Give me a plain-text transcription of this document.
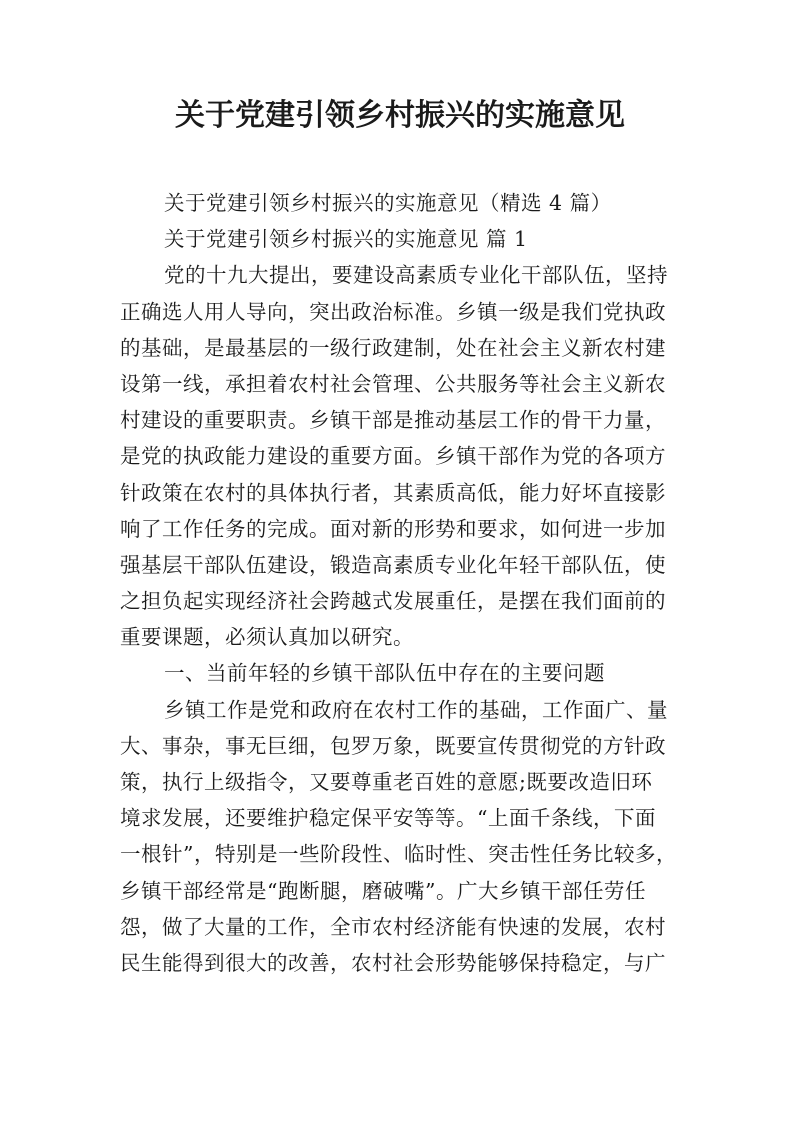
关于党建引领乡村振兴的实施意见
关于党建引领乡村振兴的实施意见（精选 4 篇）
关于党建引领乡村振兴的实施意见 篇 1
党的十九大提出，要建设高素质专业化干部队伍，坚持
正确选人用人导向，突出政治标准。乡镇一级是我们党执政
的基础，是最基层的一级行政建制，处在社会主义新农村建
设第一线，承担着农村社会管理、公共服务等社会主义新农
村建设的重要职责。乡镇干部是推动基层工作的骨干力量，
是党的执政能力建设的重要方面。乡镇干部作为党的各项方
针政策在农村的具体执行者，其素质高低，能力好坏直接影
响了工作任务的完成。面对新的形势和要求，如何进一步加
强基层干部队伍建设，锻造高素质专业化年轻干部队伍，使
之担负起实现经济社会跨越式发展重任，是摆在我们面前的
重要课题，必须认真加以研究。
一、当前年轻的乡镇干部队伍中存在的主要问题
乡镇工作是党和政府在农村工作的基础，工作面广、量
大、事杂，事无巨细，包罗万象，既要宣传贯彻党的方针政
策，执行上级指令，又要尊重老百姓的意愿;既要改造旧环
境求发展，还要维护稳定保平安等等。“上面千条线，下面
一根针”，特别是一些阶段性、临时性、突击性任务比较多，
乡镇干部经常是“跑断腿，磨破嘴”。广大乡镇干部任劳任
怨，做了大量的工作，全市农村经济能有快速的发展，农村
民生能得到很大的改善，农村社会形势能够保持稳定，与广
